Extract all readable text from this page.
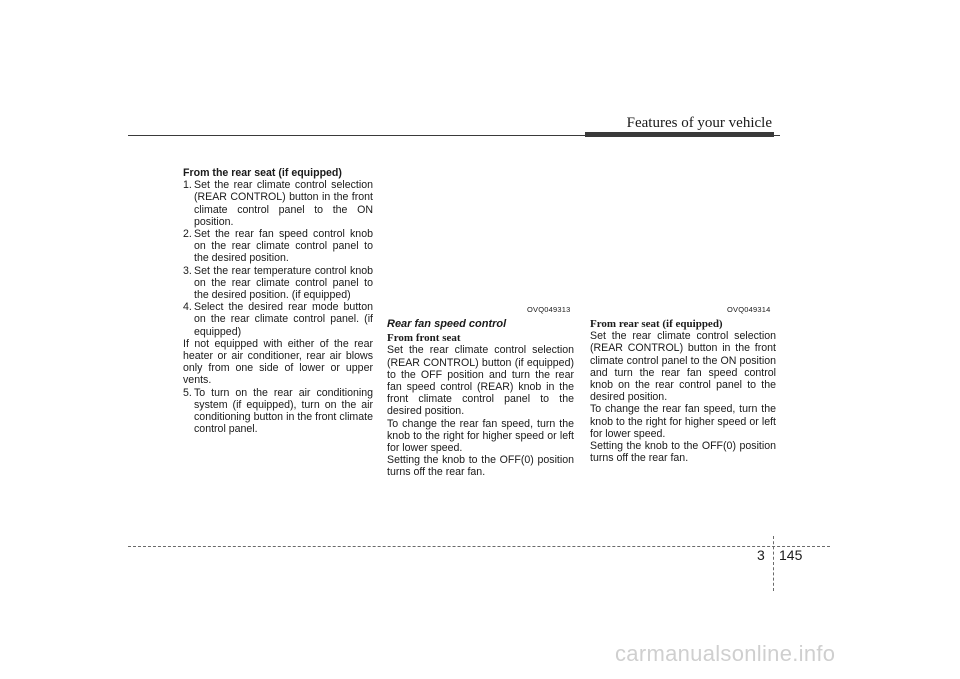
Features of your vehicle

From the rear seat (if equipped)

1. Set the rear climate control selection (REAR CONTROL) button in the front climate control panel to the ON position.
2. Set the rear fan speed control knob on the rear climate control panel to the desired position.
3. Set the rear temperature control knob on the rear climate control panel to the desired position. (if equipped)
4. Select the desired rear mode button on the rear climate control panel. (if equipped)

If not equipped with either of the rear heater or air conditioner, rear air blows only from one side of lower or upper vents.

5. To turn on the rear air conditioning system (if equipped), turn on the air conditioning button in the front climate control panel.
OVQ049313	OVQ049314

Rear fan speed control

From front seat

Set the rear climate control selection (REAR CONTROL) button (if equipped) to the OFF position and turn the rear fan speed control (REAR) knob in the front climate control panel to the desired position.

To change the rear fan speed, turn the knob to the right for higher speed or left for lower speed.

Setting the knob to the OFF(0) position turns off the rear fan.

From rear seat (if equipped)

Set the rear climate control selection (REAR CONTROL) button in the front climate control panel to the ON position and turn the rear fan speed control knob on the rear control panel to the desired position.

To change the rear fan speed, turn the knob to the right for higher speed or left for lower speed.

Setting the knob to the OFF(0) position turns off the rear fan.

3 145
carmanualsonline.info
